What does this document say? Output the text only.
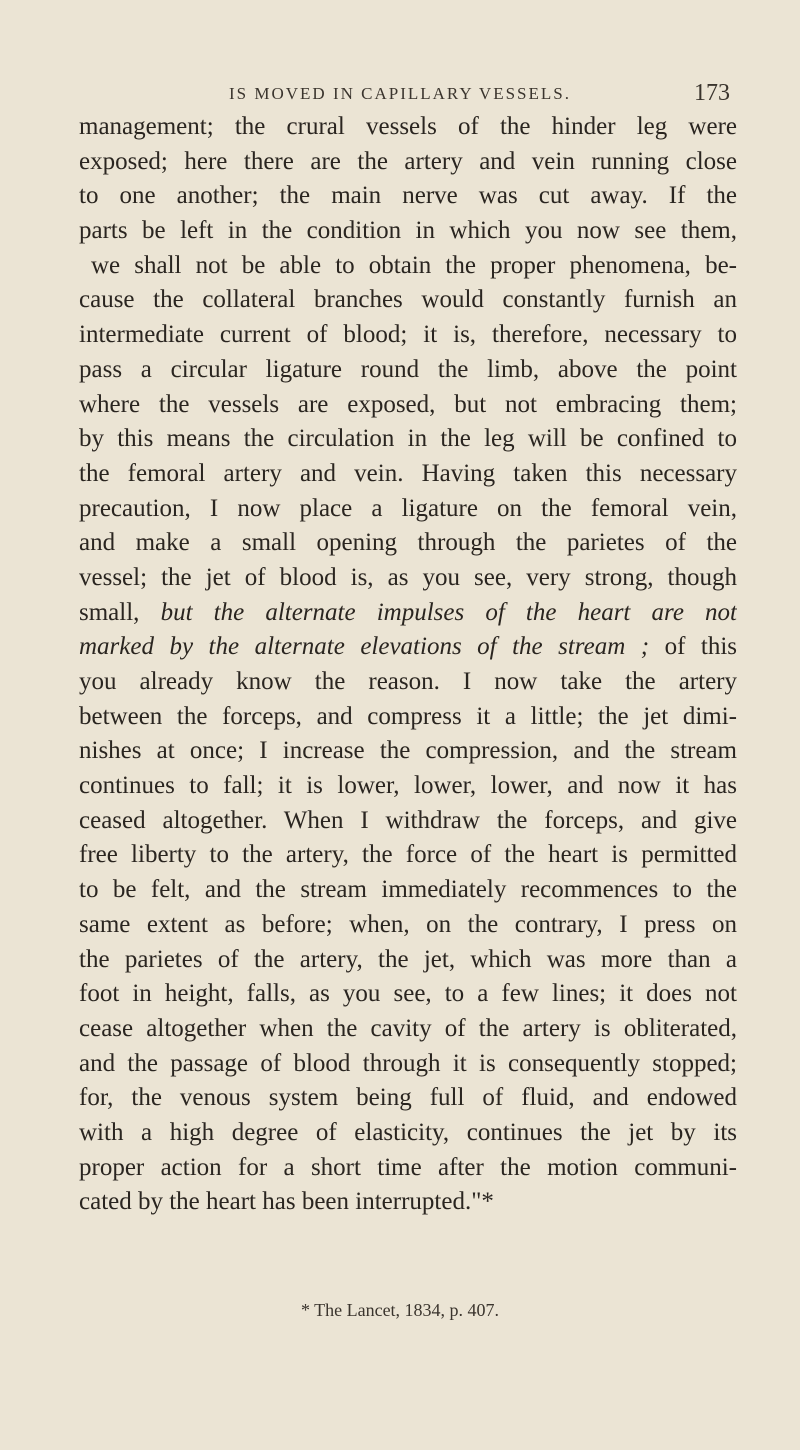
IS MOVED IN CAPILLARY VESSELS.	173
management; the crural vessels of the hinder leg were
exposed; here there are the artery and vein running close
to one another; the main nerve was cut away. If the
parts be left in the condition in which you now see them,
we shall not be able to obtain the proper phenomena, be-
cause the collateral branches would constantly furnish an
intermediate current of blood; it is, therefore, necessary to
pass a circular ligature round the limb, above the point
where the vessels are exposed, but not embracing them;
by this means the circulation in the leg will be confined to
the femoral artery and vein. Having taken this necessary
precaution, I now place a ligature on the femoral vein,
and make a small opening through the parietes of the
vessel; the jet of blood is, as you see, very strong, though
small, but the alternate impulses of the heart are not
marked by the alternate elevations of the stream ; of this
you already know the reason. I now take the artery
between the forceps, and compress it a little; the jet dimi-
nishes at once; I increase the compression, and the stream
continues to fall; it is lower, lower, lower, and now it has
ceased altogether. When I withdraw the forceps, and give
free liberty to the artery, the force of the heart is permitted
to be felt, and the stream immediately recommences to the
same extent as before; when, on the contrary, I press on
the parietes of the artery, the jet, which was more than a
foot in height, falls, as you see, to a few lines; it does not
cease altogether when the cavity of the artery is obliterated,
and the passage of blood through it is consequently stopped;
for, the venous system being full of fluid, and endowed
with a high degree of elasticity, continues the jet by its
proper action for a short time after the motion communi-
cated by the heart has been interrupted."*
* The Lancet, 1834, p. 407.
